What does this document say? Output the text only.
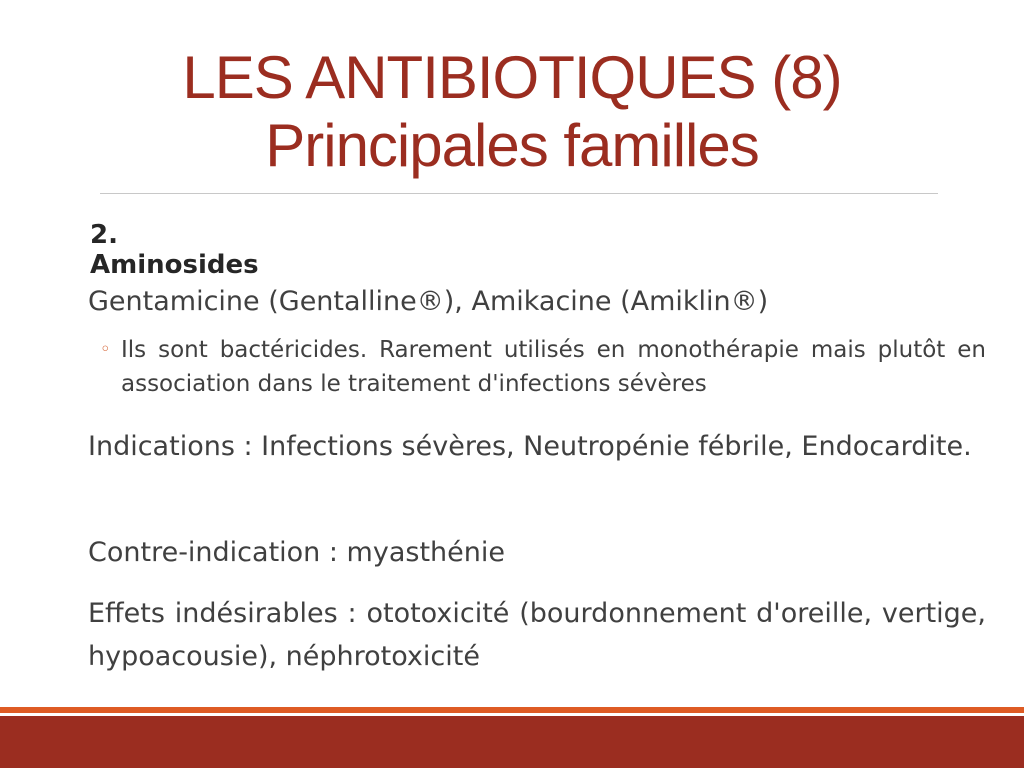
LES ANTIBIOTIQUES (8)
Principales familles
2. Aminosides
Gentamicine (Gentalline®), Amikacine (Amiklin®)
◦ Ils sont bactéricides. Rarement utilisés en monothérapie mais plutôt en association dans le traitement d'infections sévères
Indications : Infections sévères, Neutropénie fébrile, Endocardite.
Contre-indication : myasthénie
Effets indésirables : ototoxicité (bourdonnement d'oreille, vertige, hypoacousie), néphrotoxicité
